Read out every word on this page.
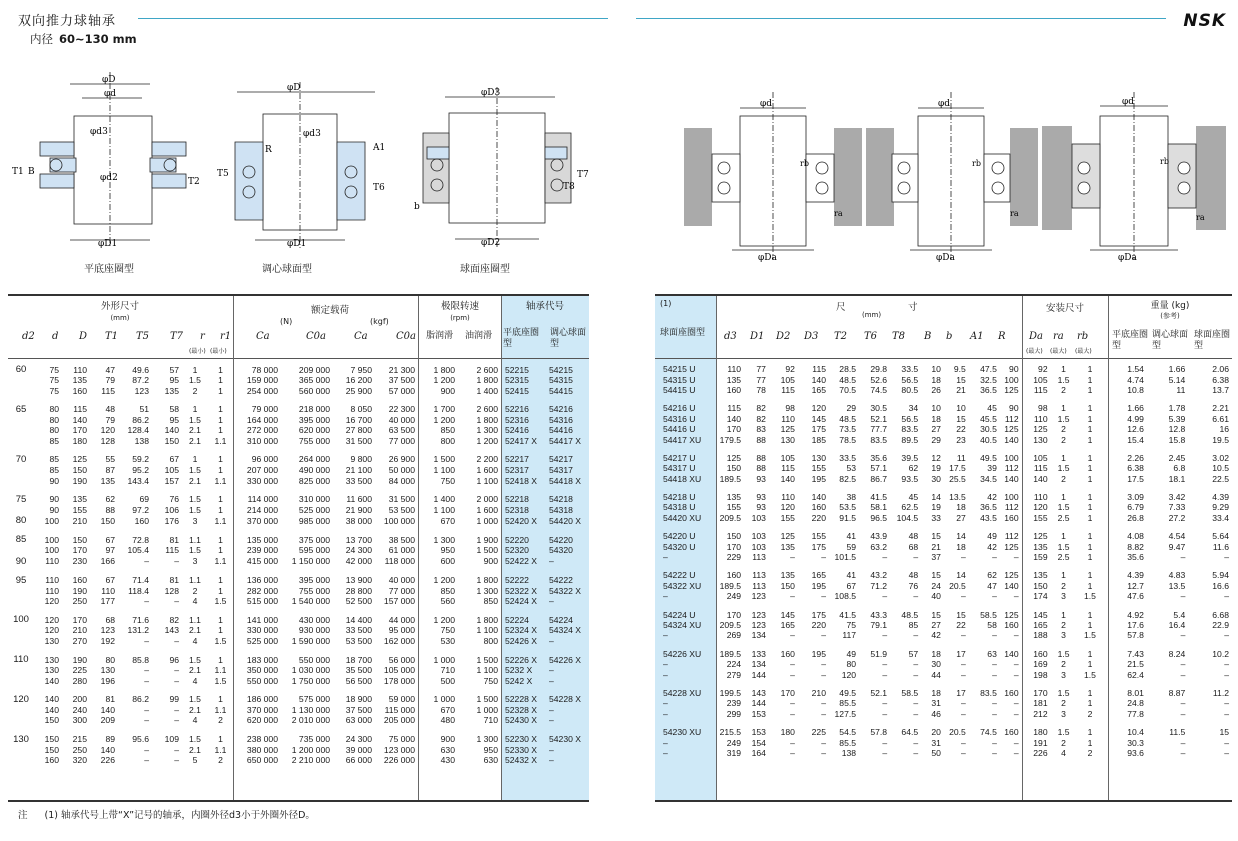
双向推力球轴承
内径 60~130 mm
NSK
φD
φd
φd3
φd2
φD1
T1 B
T2
φD
φd3
R	A1
T5
T6
φD1
φD3
T7
T8
b
φD2
平底座圈型	调心球面型	球面座圈型
φd
rb
ra
φDa
φd
rb
ra
φDa
φd
rb
ra
φDa
外形尺寸
(mm)
额定载荷
(N)	(kgf)
极限转速
(rpm)
轴承代号
d2 d D T1 T5 T7 r r1 Ca	C0a	Ca	C0a 脂润滑 油润滑 平底座圈型
调心球面型
(最小) (最小)
60	75	110	47	49.6	57	1	1	78 000	209 000	7 950	21 300	1 800	2 600	52215	54215
	75	135	79	87.2	95	1.5	1	159 000	365 000	16 200	37 500	1 200	1 800	52315	54315
	75	160	115	123	135	2	1	254 000	560 000	25 900	57 000	900	1 400	52415	54415

65	80	115	48	51	58	1	1	79 000	218 000	8 050	22 300	1 700	2 600	52216	54216
	80	140	79	86.2	95	1.5	1	164 000	395 000	16 700	40 000	1 200	1 800	52316	54316
	80	170	120	128.4	140	2.1	1	272 000	620 000	27 800	63 500	850	1 300	52416	54416
	85	180	128	138	150	2.1	1.1	310 000	755 000	31 500	77 000	800	1 200	52417 X	54417 X

70	85	125	55	59.2	67	1	1	96 000	264 000	9 800	26 900	1 500	2 200	52217	54217
	85	150	87	95.2	105	1.5	1	207 000	490 000	21 100	50 000	1 100	1 600	52317	54317
	90	190	135	143.4	157	2.1	1.1	330 000	825 000	33 500	84 000	750	1 100	52418 X	54418 X

75	90	135	62	69	76	1.5	1	114 000	310 000	11 600	31 500	1 400	2 000	52218	54218
	90	155	88	97.2	106	1.5	1	214 000	525 000	21 900	53 500	1 100	1 600	52318	54318
80	100	210	150	160	176	3	1.1	370 000	985 000	38 000	100 000	670	1 000	52420 X	54420 X

85	100	150	67	72.8	81	1.1	1	135 000	375 000	13 700	38 500	1 300	1 900	52220	54220
	100	170	97	105.4	115	1.5	1	239 000	595 000	24 300	61 000	950	1 500	52320	54320
90	110	230	166	–	–	3	1.1	415 000	1 150 000	42 000	118 000	600	900	52422 X	–

95	110	160	67	71.4	81	1.1	1	136 000	395 000	13 900	40 000	1 200	1 800	52222	54222
	110	190	110	118.4	128	2	1	282 000	755 000	28 800	77 000	850	1 300	52322 X	54322 X
	120	250	177	–	–	4	1.5	515 000	1 540 000	52 500	157 000	560	850	52424 X	–

100	120	170	68	71.6	82	1.1	1	141 000	430 000	14 400	44 000	1 200	1 800	52224	54224
	120	210	123	131.2	143	2.1	1	330 000	930 000	33 500	95 000	750	1 100	52324 X	54324 X
	130	270	192	–	–	4	1.5	525 000	1 590 000	53 500	162 000	530	800	52426 X	–

110	130	190	80	85.8	96	1.5	1	183 000	550 000	18 700	56 000	1 000	1 500	52226 X	54226 X
	130	225	130	–	–	2.1	1.1	350 000	1 030 000	35 500	105 000	710	1 100	5232 X	–
	140	280	196	–	–	4	1.5	550 000	1 750 000	56 500	178 000	500	750	5242 X	–

120	140	200	81	86.2	99	1.5	1	186 000	575 000	18 900	59 000	1 000	1 500	52228 X	54228 X
	140	240	140	–	–	2.1	1.1	370 000	1 130 000	37 500	115 000	670	1 000	52328 X	–
	150	300	209	–	–	4	2	620 000	2 010 000	63 000	205 000	480	710	52430 X	–

130	150	215	89	95.6	109	1.5	1	238 000	735 000	24 300	75 000	900	1 300	52230 X	54230 X
	150	250	140	–	–	2.1	1.1	380 000	1 200 000	39 000	123 000	630	950	52330 X	–
	160	320	226	–	–	5	2	650 000	2 210 000	66 000	226 000	430	630	52432 X	–
(1)
球面座圈型
尺	寸
(mm)
安装尺寸	重量 (kg)
(参考)
d3 D1 D2 D3 T2 T6 T8 B b A1 R Da ra rb
(最大) (最大) (最大)
平底座圈型
调心球面型
球面座圈型
54215 U	110	77	92	115	28.5	29.8	33.5	10	9.5	47.5	90	92	1	1	1.54	1.66	2.06
54315 U	135	77	105	140	48.5	52.6	56.5	18	15	32.5	100	105	1.5	1	4.74	5.14	6.38
54415 U	160	78	115	165	70.5	74.5	80.5	26	21	36.5	125	115	2	1	10.8	11	13.7

54216 U	115	82	98	120	29	30.5	34	10	10	45	90	98	1	1	1.66	1.78	2.21
54316 U	140	82	110	145	48.5	52.1	56.5	18	15	45.5	112	110	1.5	1	4.99	5.39	6.61
54416 U	170	83	125	175	73.5	77.7	83.5	27	22	30.5	125	125	2	1	12.6	12.8	16
54417 XU	179.5	88	130	185	78.5	83.5	89.5	29	23	40.5	140	130	2	1	15.4	15.8	19.5

54217 U	125	88	105	130	33.5	35.6	39.5	12	11	49.5	100	105	1	1	2.26	2.45	3.02
54317 U	150	88	115	155	53	57.1	62	19	17.5	39	112	115	1.5	1	6.38	6.8	10.5
54418 XU	189.5	93	140	195	82.5	86.7	93.5	30	25.5	34.5	140	140	2	1	17.5	18.1	22.5

54218 U	135	93	110	140	38	41.5	45	14	13.5	42	100	110	1	1	3.09	3.42	4.39
54318 U	155	93	120	160	53.5	58.1	62.5	19	18	36.5	112	120	1.5	1	6.79	7.33	9.29
54420 XU	209.5	103	155	220	91.5	96.5	104.5	33	27	43.5	160	155	2.5	1	26.8	27.2	33.4

54220 U	150	103	125	155	41	43.9	48	15	14	49	112	125	1	1	4.08	4.54	5.64
54320 U	170	103	135	175	59	63.2	68	21	18	42	125	135	1.5	1	8.82	9.47	11.6
–	229	113	–	–	101.5	–	–	37	–	–	–	159	2.5	1	35.6	–	–

54222 U	160	113	135	165	41	43.2	48	15	14	62	125	135	1	1	4.39	4.83	5.94
54322 XU	189.5	113	150	195	67	71.2	76	24	20.5	47	140	150	2	1	12.7	13.5	16.6
–	249	123	–	–	108.5	–	–	40	–	–	–	174	3	1.5	47.6	–	–

54224 U	170	123	145	175	41.5	43.3	48.5	15	15	58.5	125	145	1	1	4.92	5.4	6.68
54324 XU	209.5	123	165	220	75	79.1	85	27	22	58	160	165	2	1	17.6	16.4	22.9
–	269	134	–	–	117	–	–	42	–	–	–	188	3	1.5	57.8	–	–

54226 XU	189.5	133	160	195	49	51.9	57	18	17	63	140	160	1.5	1	7.43	8.24	10.2
–	224	134	–	–	80	–	–	30	–	–	–	169	2	1	21.5	–	–
–	279	144	–	–	120	–	–	44	–	–	–	198	3	1.5	62.4	–	–

54228 XU	199.5	143	170	210	49.5	52.1	58.5	18	17	83.5	160	170	1.5	1	8.01	8.87	11.2
–	239	144	–	–	85.5	–	–	31	–	–	–	181	2	1	24.8	–	–
–	299	153	–	–	127.5	–	–	46	–	–	–	212	3	2	77.8	–	–

54230 XU	215.5	153	180	225	54.5	57.8	64.5	20	20.5	74.5	160	180	1.5	1	10.4	11.5	15
–	249	154	–	–	85.5	–	–	31	–	–	–	191	2	1	30.3	–	–
–	319	164	–	–	138	–	–	50	–	–	–	226	4	2	93.6	–	–
注 (1) 轴承代号上带“X”记号的轴承，内圈外径d3小于外圈外径D。
